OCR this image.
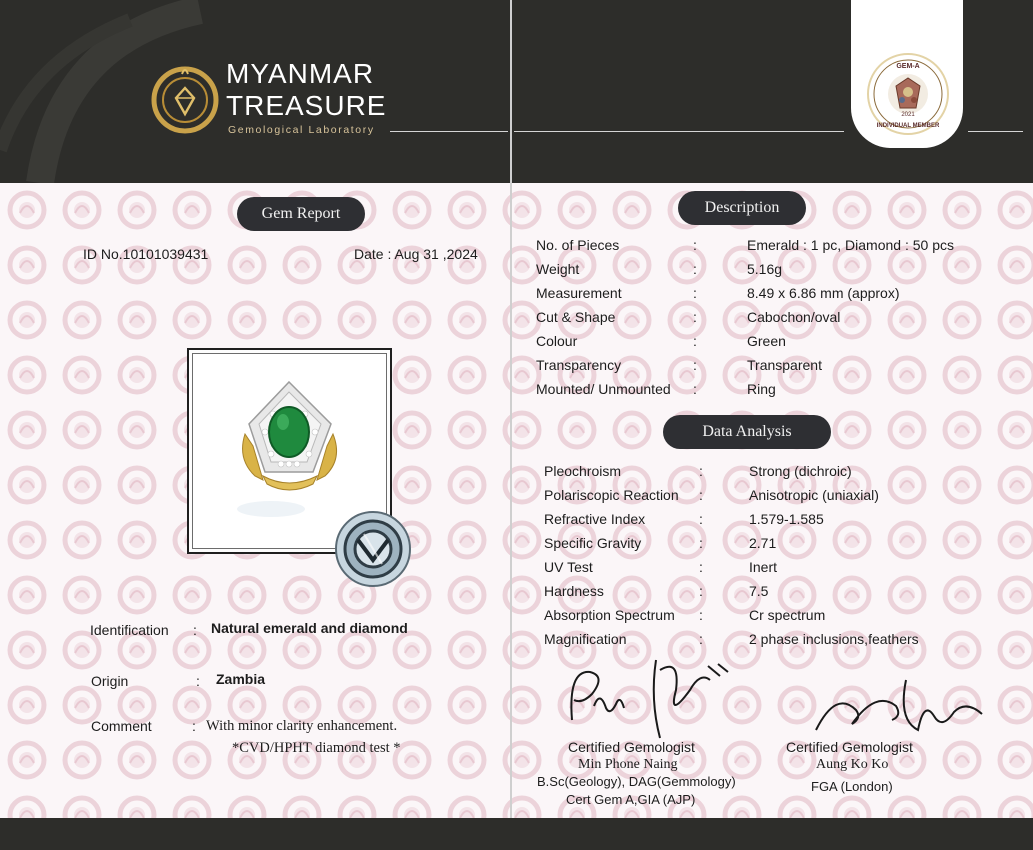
MYANMAR
TREASURE
Gemological Laboratory
GEM-A
2021
INDIVIDUAL MEMBER
Gem Report
ID No.10101039431	Date : Aug 31 ,2024
Identification : Natural emerald and diamond
Origin	: Zambia
Comment	: With minor clarity enhancement.
*CVD/HPHT diamond test *
Description
No. of Pieces	:	Emerald : 1 pc, Diamond : 50 pcs
Weight	:	5.16g
Measurement	:	8.49 x 6.86 mm (approx)
Cut & Shape	:	Cabochon/oval
Colour	:	Green
Transparency	:	Transparent
Mounted/ Unmounted :	Ring
Data Analysis
Pleochroism	:	Strong (dichroic)
Polariscopic Reaction :	Anisotropic (uniaxial)
Refractive Index	:	1.579-1.585
Specific Gravity	:	2.71
UV Test	:	Inert
Hardness	:	7.5
Absorption Spectrum :	Cr spectrum
Magnification	:	2 phase inclusions,feathers
Certified Gemologist
Min Phone Naing
B.Sc(Geology), DAG(Gemmology)
Cert Gem A,GIA (AJP)
Certified Gemologist
Aung Ko Ko
FGA (London)
